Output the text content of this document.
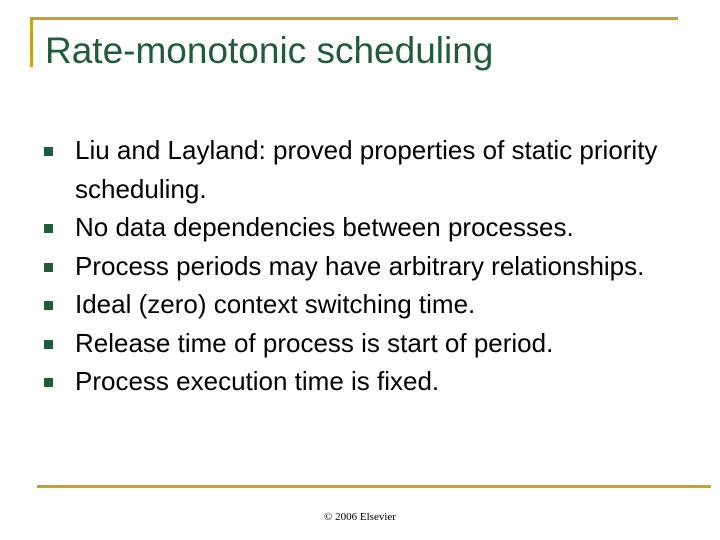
Rate-monotonic scheduling
Liu and Layland: proved properties of static priority scheduling.
No data dependencies between processes.
Process periods may have arbitrary relationships.
Ideal (zero) context switching time.
Release time of process is start of period.
Process execution time is fixed.
© 2006 Elsevier
